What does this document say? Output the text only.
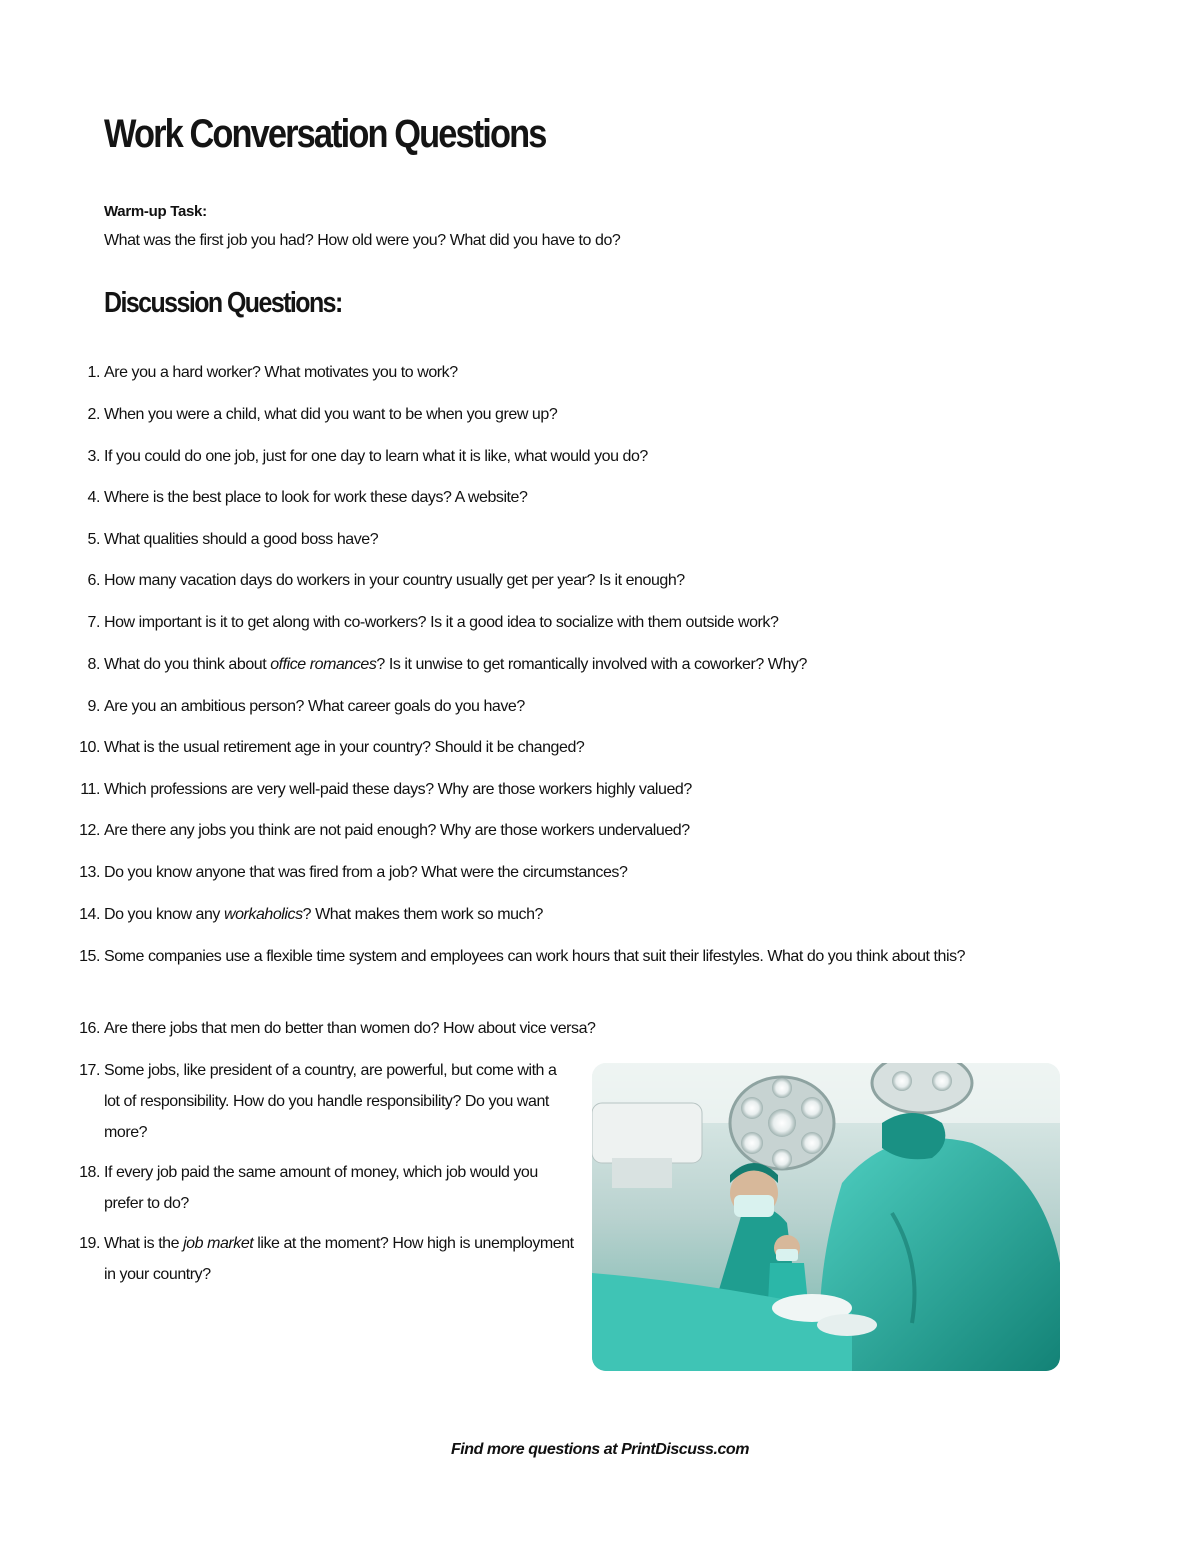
Work Conversation Questions
Warm-up Task:
What was the first job you had? How old were you? What did you have to do?
Discussion Questions:
1. Are you a hard worker? What motivates you to work?
2. When you were a child, what did you want to be when you grew up?
3. If you could do one job, just for one day to learn what it is like, what would you do?
4. Where is the best place to look for work these days? A website?
5. What qualities should a good boss have?
6. How many vacation days do workers in your country usually get per year? Is it enough?
7. How important is it to get along with co-workers? Is it a good idea to socialize with them outside work?
8. What do you think about office romances? Is it unwise to get romantically involved with a coworker? Why?
9. Are you an ambitious person? What career goals do you have?
10. What is the usual retirement age in your country? Should it be changed?
11. Which professions are very well-paid these days? Why are those workers highly valued?
12. Are there any jobs you think are not paid enough? Why are those workers undervalued?
13. Do you know anyone that was fired from a job? What were the circumstances?
14. Do you know any workaholics? What makes them work so much?
15. Some companies use a flexible time system and employees can work hours that suit their lifestyles. What do you think about this?
16. Are there jobs that men do better than women do? How about vice versa?
17. Some jobs, like president of a country, are powerful, but come with a lot of responsibility. How do you handle responsibility? Do you want more?
18. If every job paid the same amount of money, which job would you prefer to do?
19. What is the job market like at the moment? How high is unemployment in your country?
Find more questions at PrintDiscuss.com
